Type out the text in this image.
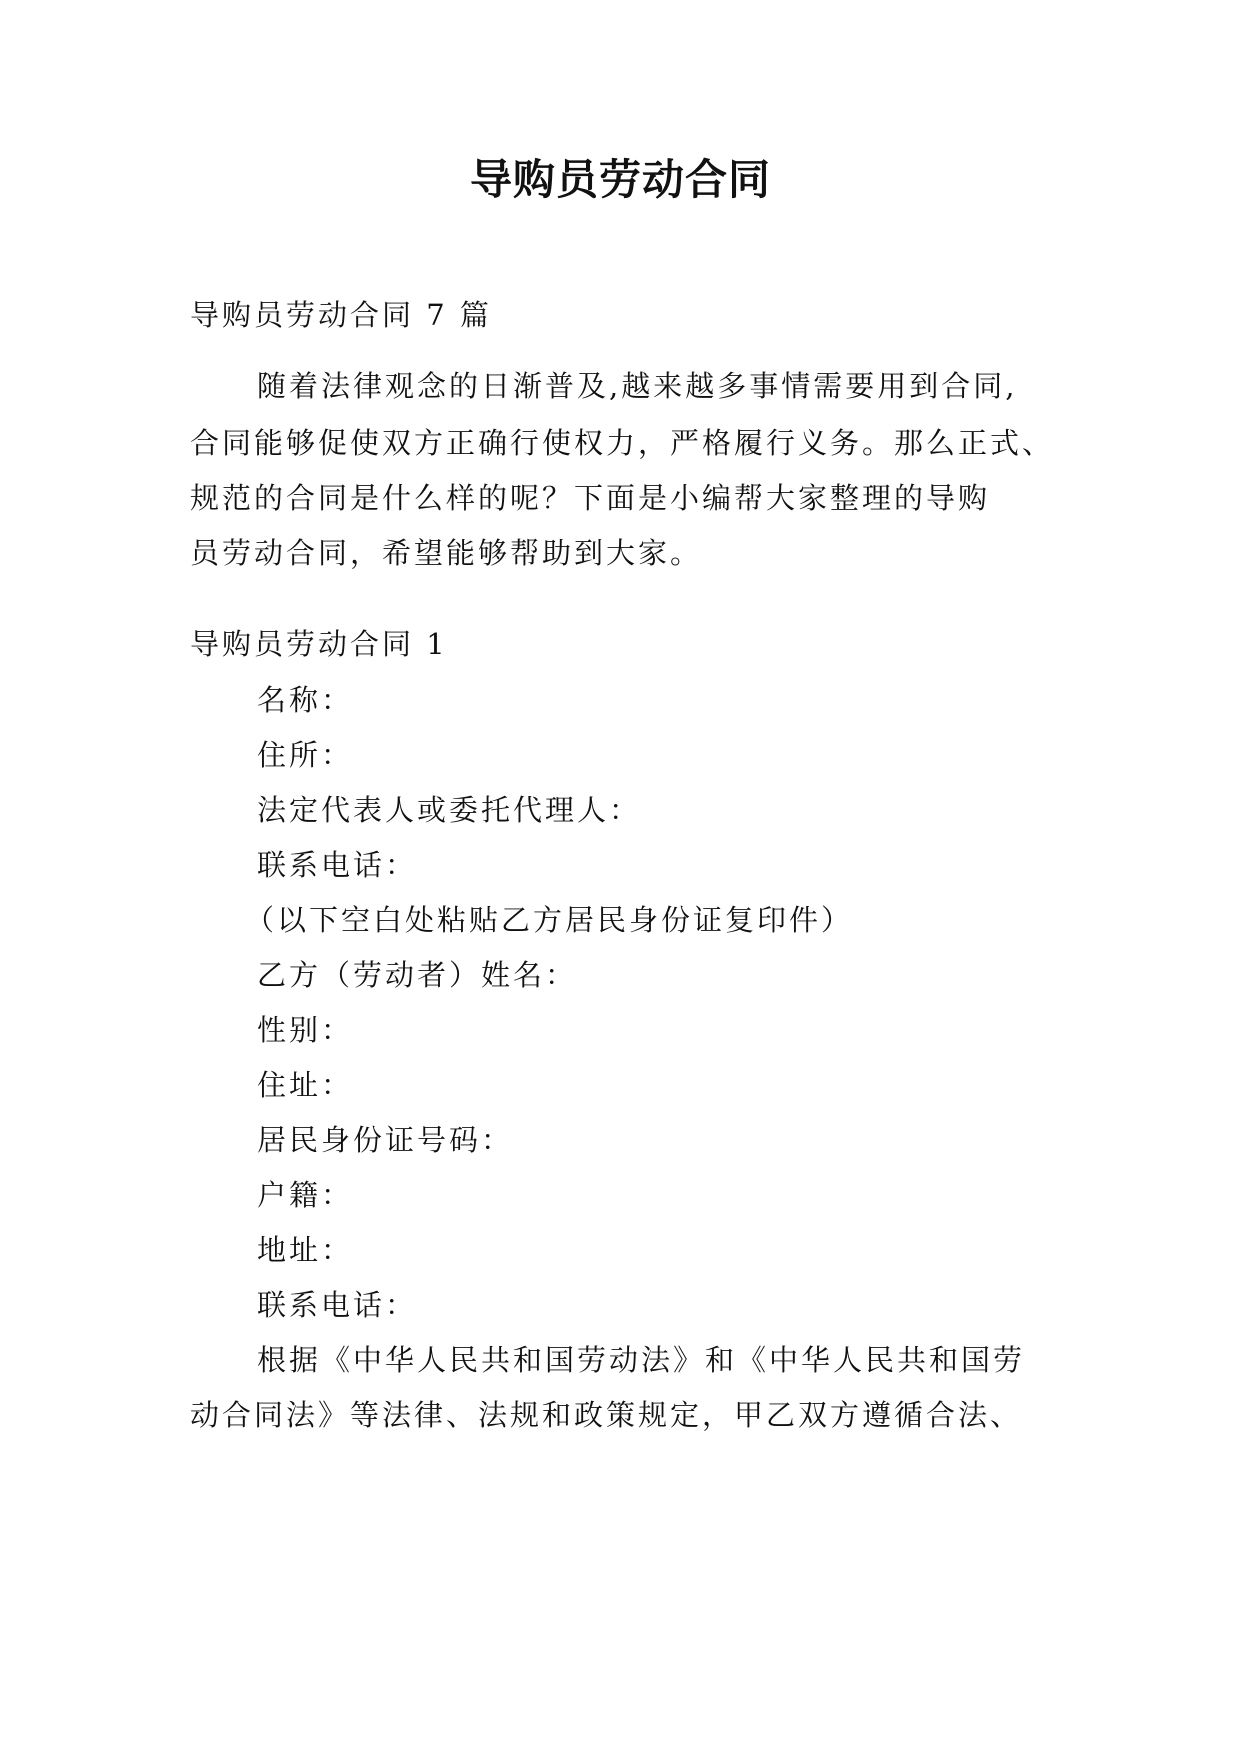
导购员劳动合同
导购员劳动合同 7 篇
随着法律观念的日渐普及,越来越多事情需要用到合同,
合同能够促使双方正确行使权力，严格履行义务。那么正式、
规范的合同是什么样的呢？下面是小编帮大家整理的导购
员劳动合同，希望能够帮助到大家。
导购员劳动合同 1
名称：
住所：
法定代表人或委托代理人：
联系电话：
（以下空白处粘贴乙方居民身份证复印件）
乙方（劳动者）姓名：
性别：
住址：
居民身份证号码：
户籍：
地址：
联系电话：
根据《中华人民共和国劳动法》和《中华人民共和国劳
动合同法》等法律、法规和政策规定，甲乙双方遵循合法、
